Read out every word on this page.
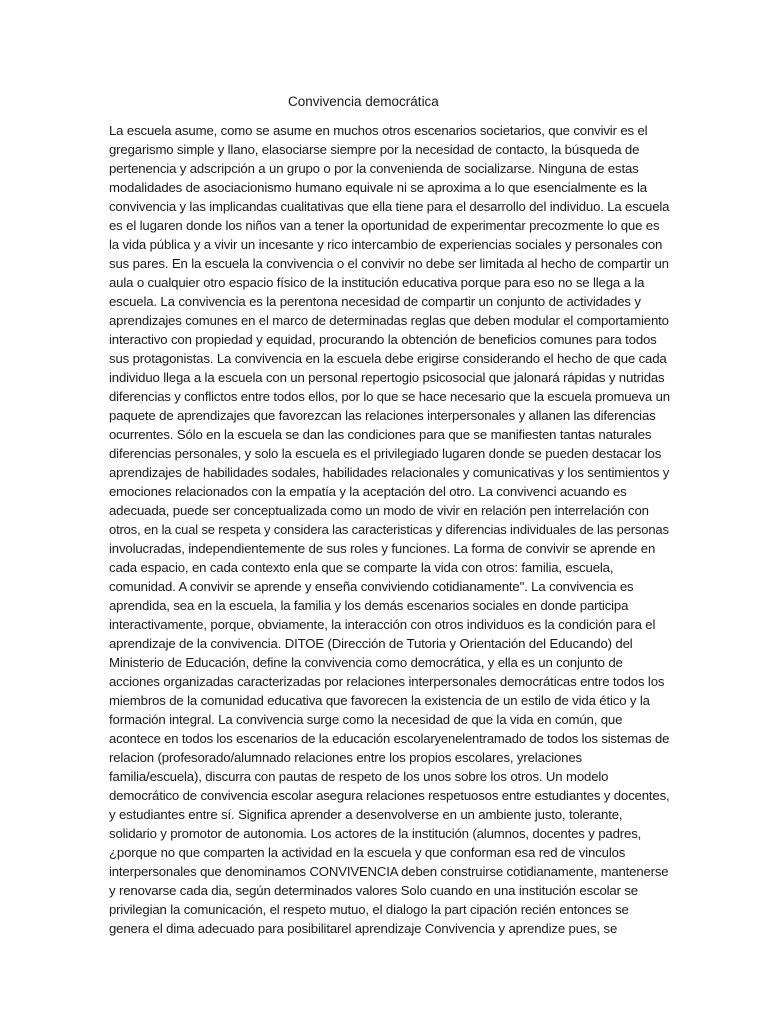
Convivencia democrática
La escuela asume, como se asume en muchos otros escenarios societarios, que convivir es el
gregarismo simple y llano, elasociarse siempre por la necesidad de contacto, la búsqueda de
pertenencia y adscripción a un grupo o por la convenienda de socializarse. Ninguna de estas
modalidades de asociacionismo humano equivale ni se aproxima a lo que esencialmente es la
convivencia y las implicandas cualitativas que ella tiene para el desarrollo del individuo. La escuela
es el lugaren donde los niños van a tener la oportunidad de experimentar precozmente lo que es
la vida pública y a vivir un incesante y rico intercambio de experiencias sociales y personales con
sus pares. En la escuela la convivencia o el convivir no debe ser limitada al hecho de compartir un
aula o cualquier otro espacio físico de la institución educativa porque para eso no se llega a la
escuela. La convivencia es la perentona necesidad de compartir un conjunto de actividades y
aprendizajes comunes en el marco de determinadas reglas que deben modular el comportamiento
interactivo con propiedad y equidad, procurando la obtención de beneficios comunes para todos
sus protagonistas. La convivencia en la escuela debe erigirse considerando el hecho de que cada
individuo llega a la escuela con un personal repertogio psicosocial que jalonará rápidas y nutridas
diferencias y conflictos entre todos ellos, por lo que se hace necesario que la escuela promueva un
paquete de aprendizajes que favorezcan las relaciones interpersonales y allanen las diferencias
ocurrentes. Sólo en la escuela se dan las condiciones para que se manifiesten tantas naturales
diferencias personales, y solo la escuela es el privilegiado lugaren donde se pueden destacar los
aprendizajes de habilidades sodales, habilidades relacionales y comunicativas y los sentimientos y
emociones relacionados con la empatía y la aceptación del otro. La convivenci acuando es
adecuada, puede ser conceptualizada como un modo de vivir en relación pen interrelación con
otros, en la cual se respeta y considera las caracteristicas y diferencias individuales de las personas
involucradas, independientemente de sus roles y funciones. La forma de convivir se aprende en
cada espacio, en cada contexto enla que se comparte la vida con otros: familia, escuela,
comunidad. A convivir se aprende y enseña conviviendo cotidianamente". La convivencia es
aprendida, sea en la escuela, la familia y los demás escenarios sociales en donde participa
interactivamente, porque, obviamente, la interacción con otros individuos es la condición para el
aprendizaje de la convivencia. DITOE (Dirección de Tutoria y Orientación del Educando) del
Ministerio de Educación, define la convivencia como democrática, y ella es un conjunto de
acciones organizadas caracterizadas por relaciones interpersonales democráticas entre todos los
miembros de la comunidad educativa que favorecen la existencia de un estilo de vida ético y la
formación integral. La convivencia surge como la necesidad de que la vida en común, que
acontece en todos los escenarios de la educación escolaryenelentramado de todos los sistemas de
relacion (profesorado/alumnado relaciones entre los propios escolares, yrelaciones
familia/escuela), discurra con pautas de respeto de los unos sobre los otros. Un modelo
democrático de convivencia escolar asegura relaciones respetuosos entre estudiantes y docentes,
y estudiantes entre sí. Significa aprender a desenvolverse en un ambiente justo, tolerante,
solidario y promotor de autonomia. Los actores de la institución (alumnos, docentes y padres,
¿porque no que comparten la actividad en la escuela y que conforman esa red de vinculos
interpersonales que denominamos CONVIVENCIA deben construirse cotidianamente, mantenerse
y renovarse cada dia, según determinados valores Solo cuando en una institución escolar se
privilegian la comunicación, el respeto mutuo, el dialogo la part cipación recién entonces se
genera el dima adecuado para posibilitarel aprendizaje Convivencia y aprendize pues, se
